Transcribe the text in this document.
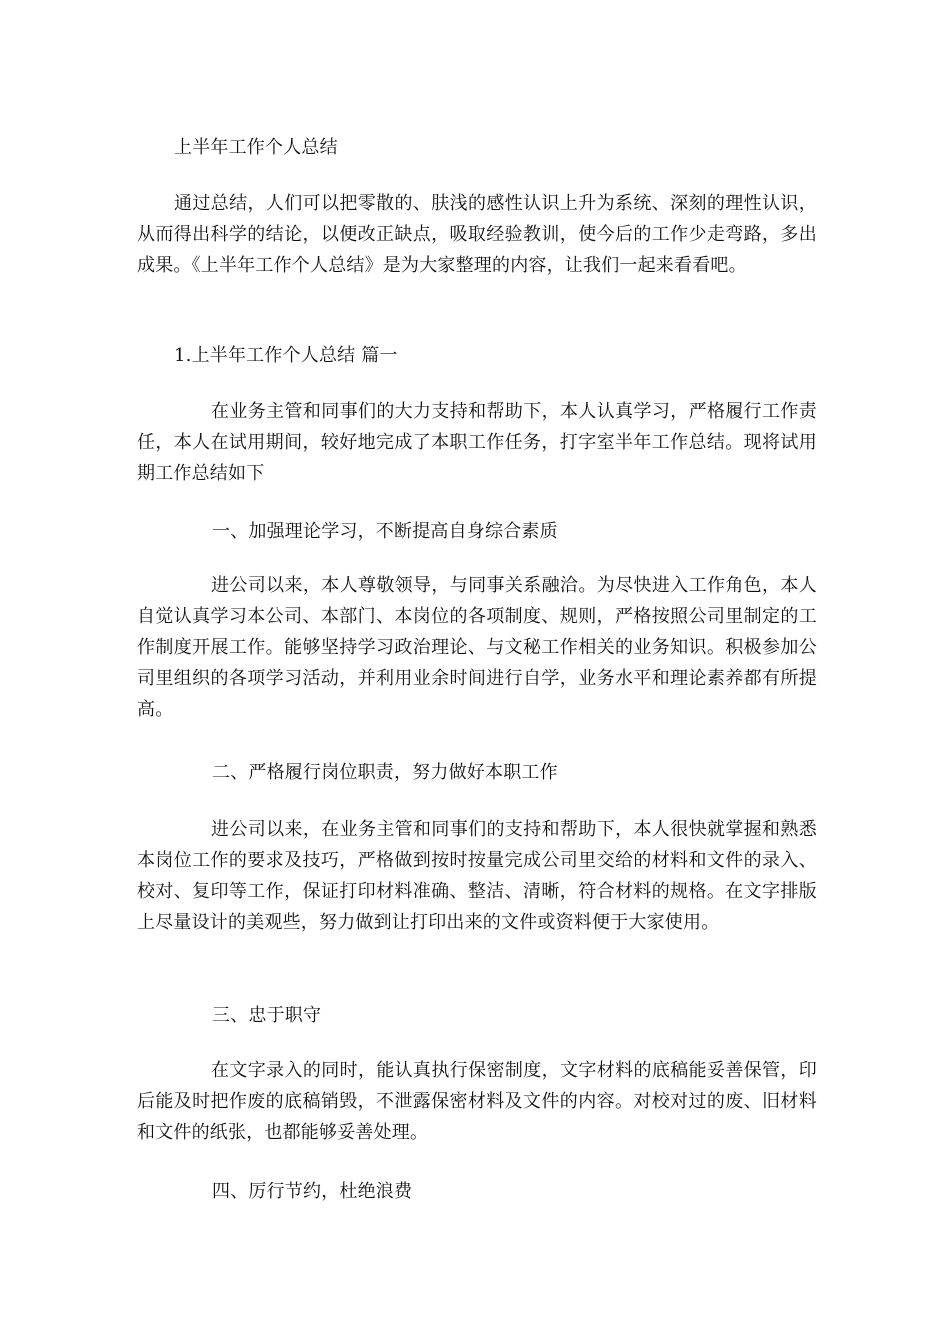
上半年工作个人总结
通过总结，人们可以把零散的、肤浅的感性认识上升为系统、深刻的理性认识，从而得出科学的结论，以便改正缺点，吸取经验教训，使今后的工作少走弯路，多出成果。《上半年工作个人总结》是为大家整理的内容，让我们一起来看看吧。
1.上半年工作个人总结 篇一
在业务主管和同事们的大力支持和帮助下，本人认真学习，严格履行工作责任，本人在试用期间，较好地完成了本职工作任务，打字室半年工作总结。现将试用期工作总结如下
一、加强理论学习，不断提高自身综合素质
进公司以来，本人尊敬领导，与同事关系融洽。为尽快进入工作角色，本人自觉认真学习本公司、本部门、本岗位的各项制度、规则，严格按照公司里制定的工作制度开展工作。能够坚持学习政治理论、与文秘工作相关的业务知识。积极参加公司里组织的各项学习活动，并利用业余时间进行自学，业务水平和理论素养都有所提高。
二、严格履行岗位职责，努力做好本职工作
进公司以来，在业务主管和同事们的支持和帮助下，本人很快就掌握和熟悉本岗位工作的要求及技巧，严格做到按时按量完成公司里交给的材料和文件的录入、校对、复印等工作，保证打印材料准确、整洁、清晰，符合材料的规格。在文字排版上尽量设计的美观些，努力做到让打印出来的文件或资料便于大家使用。
三、忠于职守
在文字录入的同时，能认真执行保密制度，文字材料的底稿能妥善保管，印后能及时把作废的底稿销毁，不泄露保密材料及文件的内容。对校对过的废、旧材料和文件的纸张，也都能够妥善处理。
四、厉行节约，杜绝浪费
